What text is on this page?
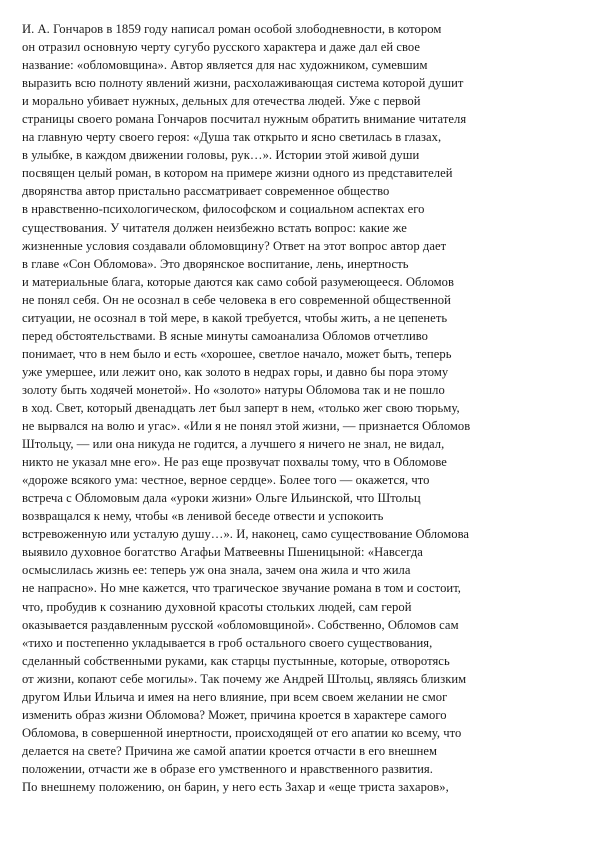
И. А. Гончаров в 1859 году написал роман особой злободневности, в котором
он отразил основную черту сугубо русского характера и даже дал ей свое
название: «обломовщина». Автор является для нас художником, сумевшим
выразить всю полноту явлений жизни, расхолаживающая система которой душит
и морально убивает нужных, дельных для отечества людей. Уже с первой
страницы своего романа Гончаров посчитал нужным обратить внимание читателя
на главную черту своего героя: «Душа так открыто и ясно светилась в глазах,
в улыбке, в каждом движении головы, рук…». Истории этой живой души
посвящен целый роман, в котором на примере жизни одного из представителей
дворянства автор пристально рассматривает современное общество
в нравственно-психологическом, философском и социальном аспектах его
существования. У читателя должен неизбежно встать вопрос: какие же
жизненные условия создавали обломовщину? Ответ на этот вопрос автор дает
в главе «Сон Обломова». Это дворянское воспитание, лень, инертность
и материальные блага, которые даются как само собой разумеющееся. Обломов
не понял себя. Он не осознал в себе человека в его современной общественной
ситуации, не осознал в той мере, в какой требуется, чтобы жить, а не цепенеть
перед обстоятельствами. В ясные минуты самоанализа Обломов отчетливо
понимает, что в нем было и есть «хорошее, светлое начало, может быть, теперь
уже умершее, или лежит оно, как золото в недрах горы, и давно бы пора этому
золоту быть ходячей монетой». Но «золото» натуры Обломова так и не пошло
в ход. Свет, который двенадцать лет был заперт в нем, «только жег свою тюрьму,
не вырвался на волю и угас». «Или я не понял этой жизни, — признается Обломов
Штольцу, — или она никуда не годится, а лучшего я ничего не знал, не видал,
никто не указал мне его». Не раз еще прозвучат похвалы тому, что в Обломове
«дороже всякого ума: честное, верное сердце». Более того — окажется, что
встреча с Обломовым дала «уроки жизни» Ольге Ильинской, что Штольц
возвращался к нему, чтобы «в ленивой беседе отвести и успокоить
встревоженную или усталую душу…». И, наконец, само существование Обломова
выявило духовное богатство Агафьи Матвеевны Пшеницыной: «Навсегда
осмыслилась жизнь ее: теперь уж она знала, зачем она жила и что жила
не напрасно». Но мне кажется, что трагическое звучание романа в том и состоит,
что, пробудив к сознанию духовной красоты стольких людей, сам герой
оказывается раздавленным русской «обломовщиной». Собственно, Обломов сам
«тихо и постепенно укладывается в гроб остального своего существования,
сделанный собственными руками, как старцы пустынные, которые, отворотясь
от жизни, копают себе могилы». Так почему же Андрей Штольц, являясь близким
другом Ильи Ильича и имея на него влияние, при всем своем желании не смог
изменить образ жизни Обломова? Может, причина кроется в характере самого
Обломова, в совершенной инертности, происходящей от его апатии ко всему, что
делается на свете? Причина же самой апатии кроется отчасти в его внешнем
положении, отчасти же в образе его умственного и нравственного развития.
По внешнему положению, он барин, у него есть Захар и «еще триста захаров»,
